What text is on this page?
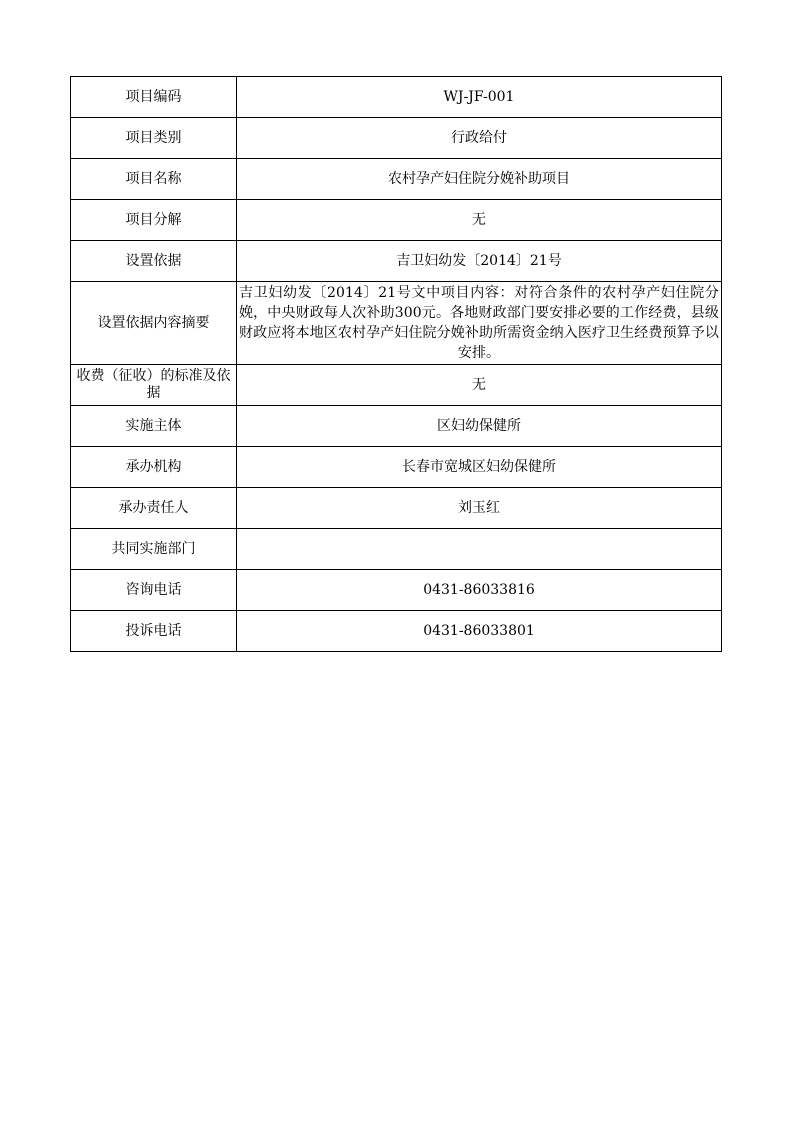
项目编码	WJ-JF-001
项目类别	行政给付
项目名称	农村孕产妇住院分娩补助项目
项目分解	无
设置依据	吉卫妇幼发〔2014〕21号
设置依据内容摘要	吉卫妇幼发〔2014〕21号文中项目内容：对符合条件的农村孕产妇住院分娩，中央财政每人次补助300元。各地财政部门要安排必要的工作经费，县级财政应将本地区农村孕产妇住院分娩补助所需资金纳入医疗卫生经费预算予以安排。
收费（征收）的标准及依据	无
实施主体	区妇幼保健所
承办机构	长春市宽城区妇幼保健所
承办责任人	刘玉红
共同实施部门	
咨询电话	0431-86033816
投诉电话	0431-86033801
